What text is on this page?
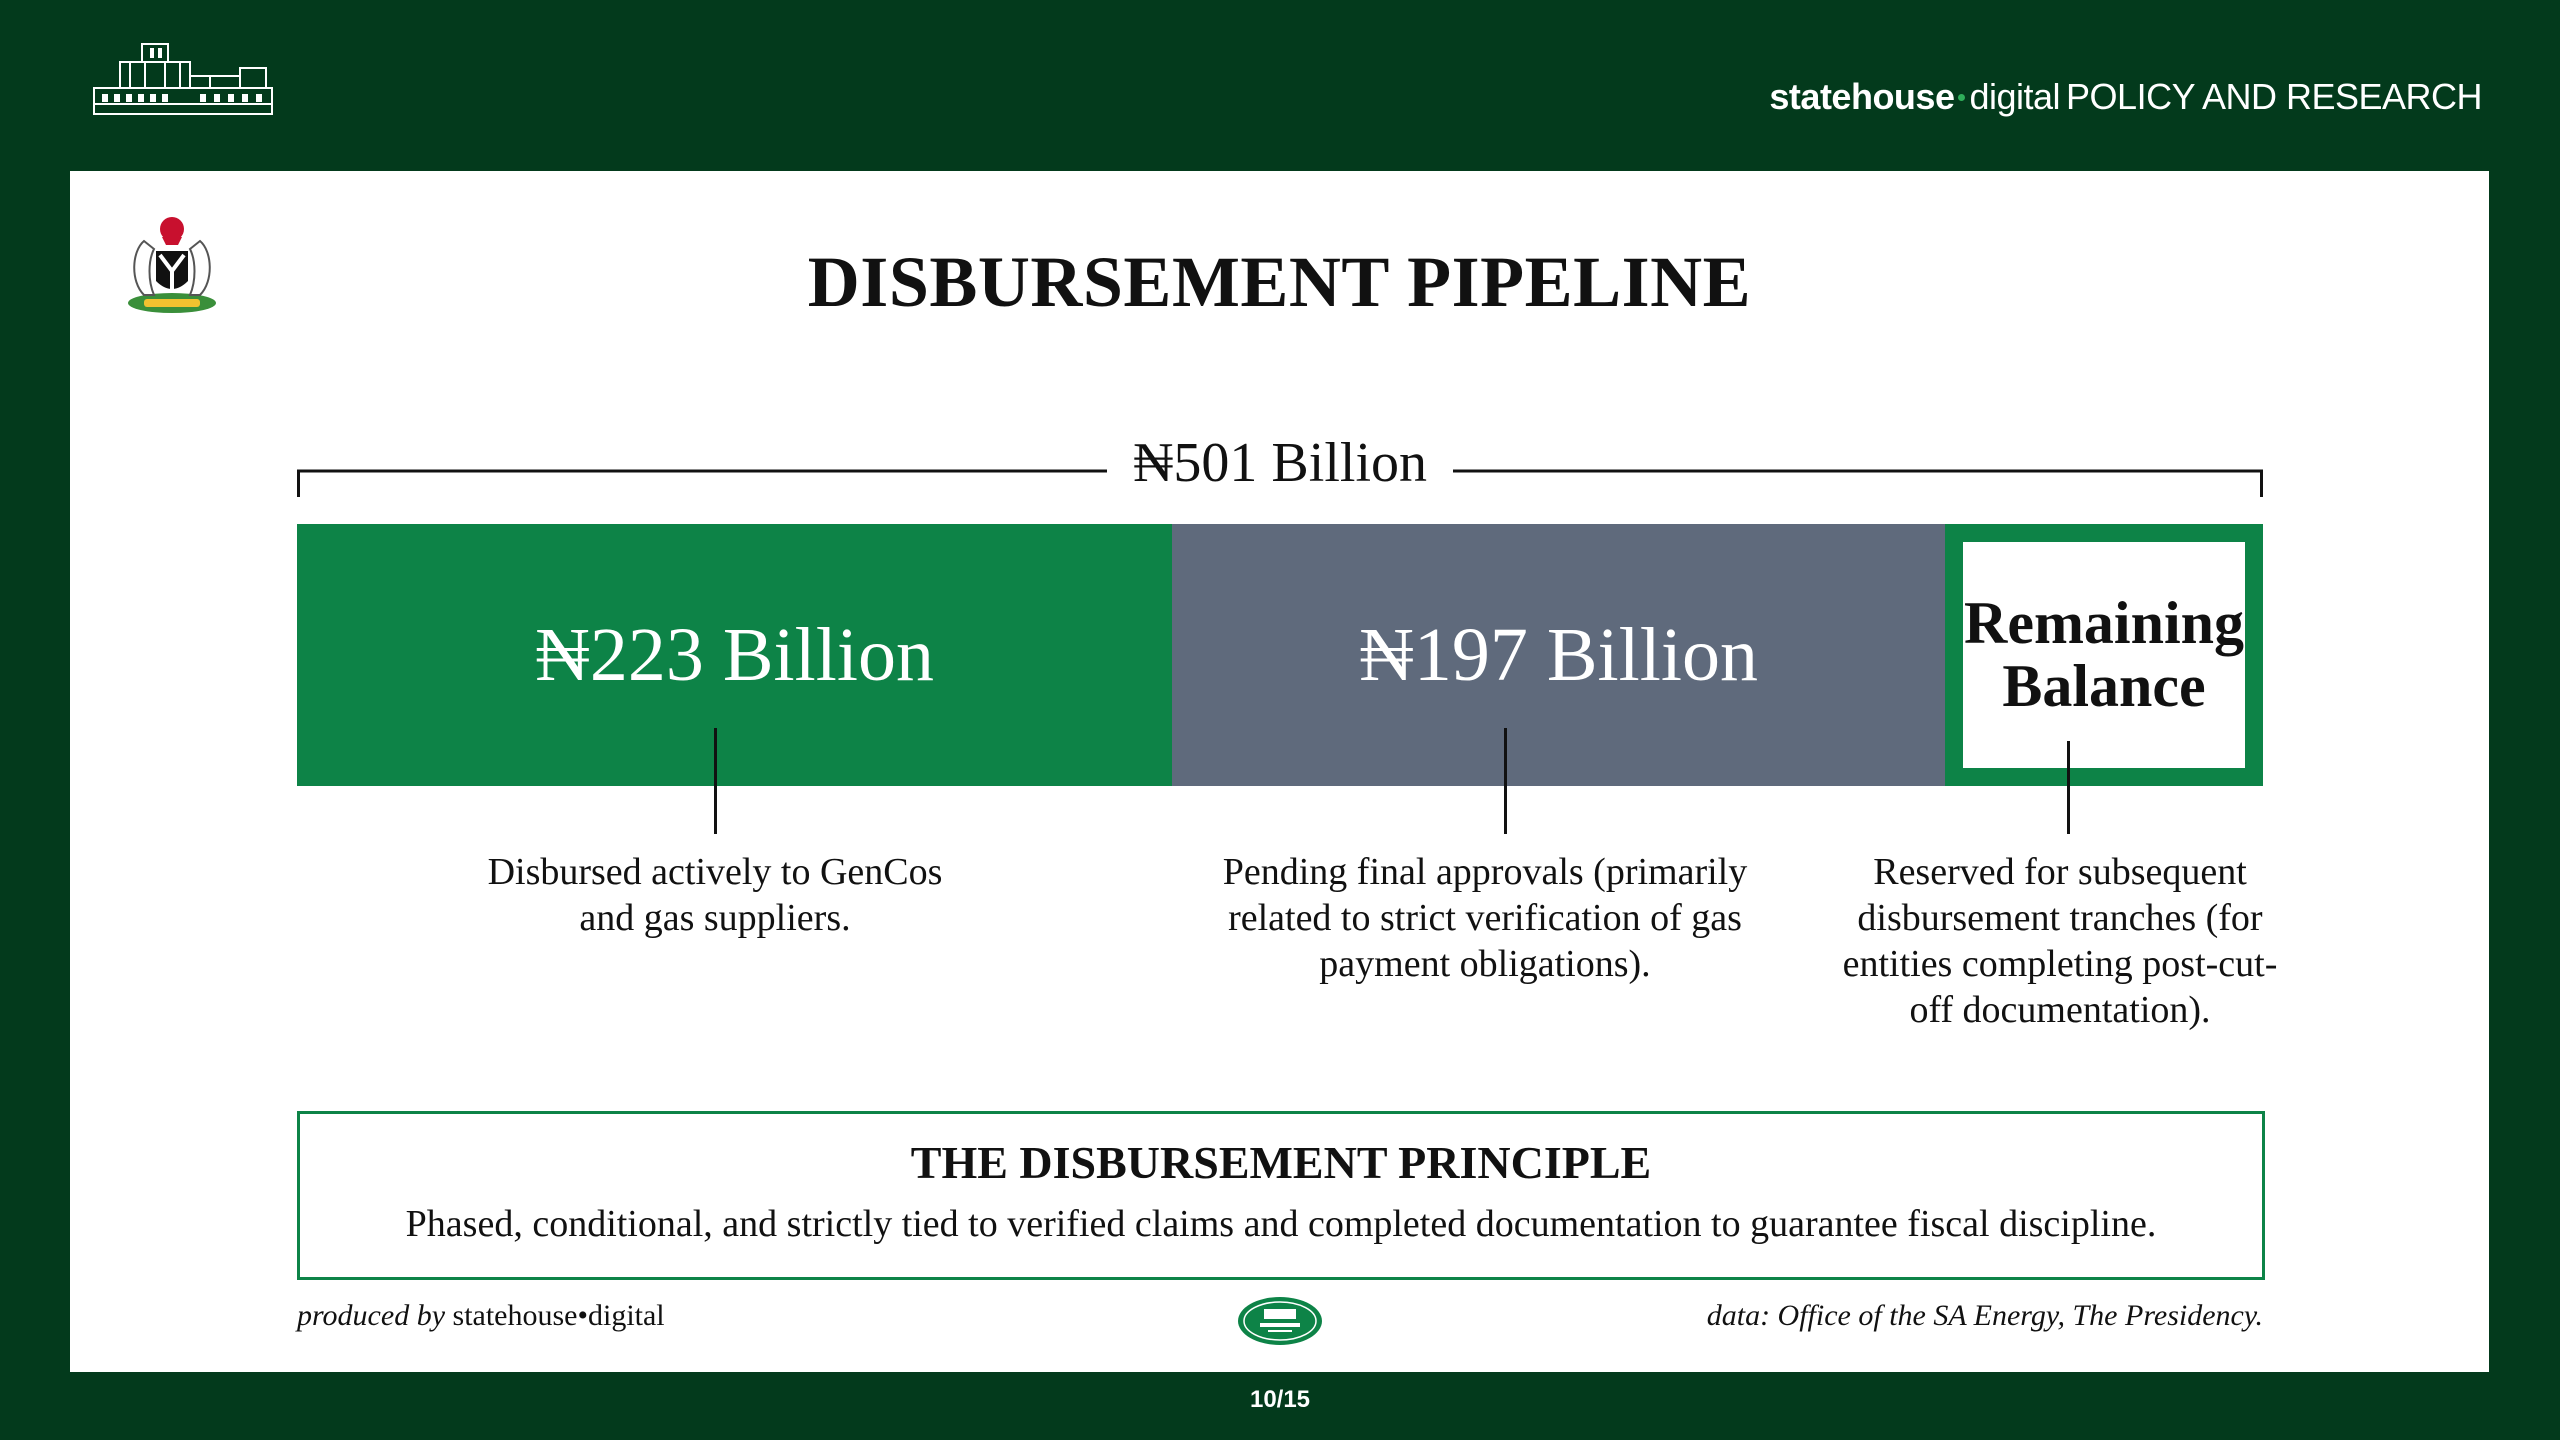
statehouse digital POLICY AND RESEARCH
DISBURSEMENT PIPELINE
₦501 Billion
₦223 Billion	₦197 Billion	Remaining Balance
Disbursed actively to GenCos and gas suppliers.
Pending final approvals (primarily related to strict verification of gas payment obligations).
Reserved for subsequent disbursement tranches (for entities completing post-cut-off documentation).
THE DISBURSEMENT PRINCIPLE
Phased, conditional, and strictly tied to verified claims and completed documentation to guarantee fiscal discipline.
produced by statehouse•digital	data: Office of the SA Energy, The Presidency.
10/15
